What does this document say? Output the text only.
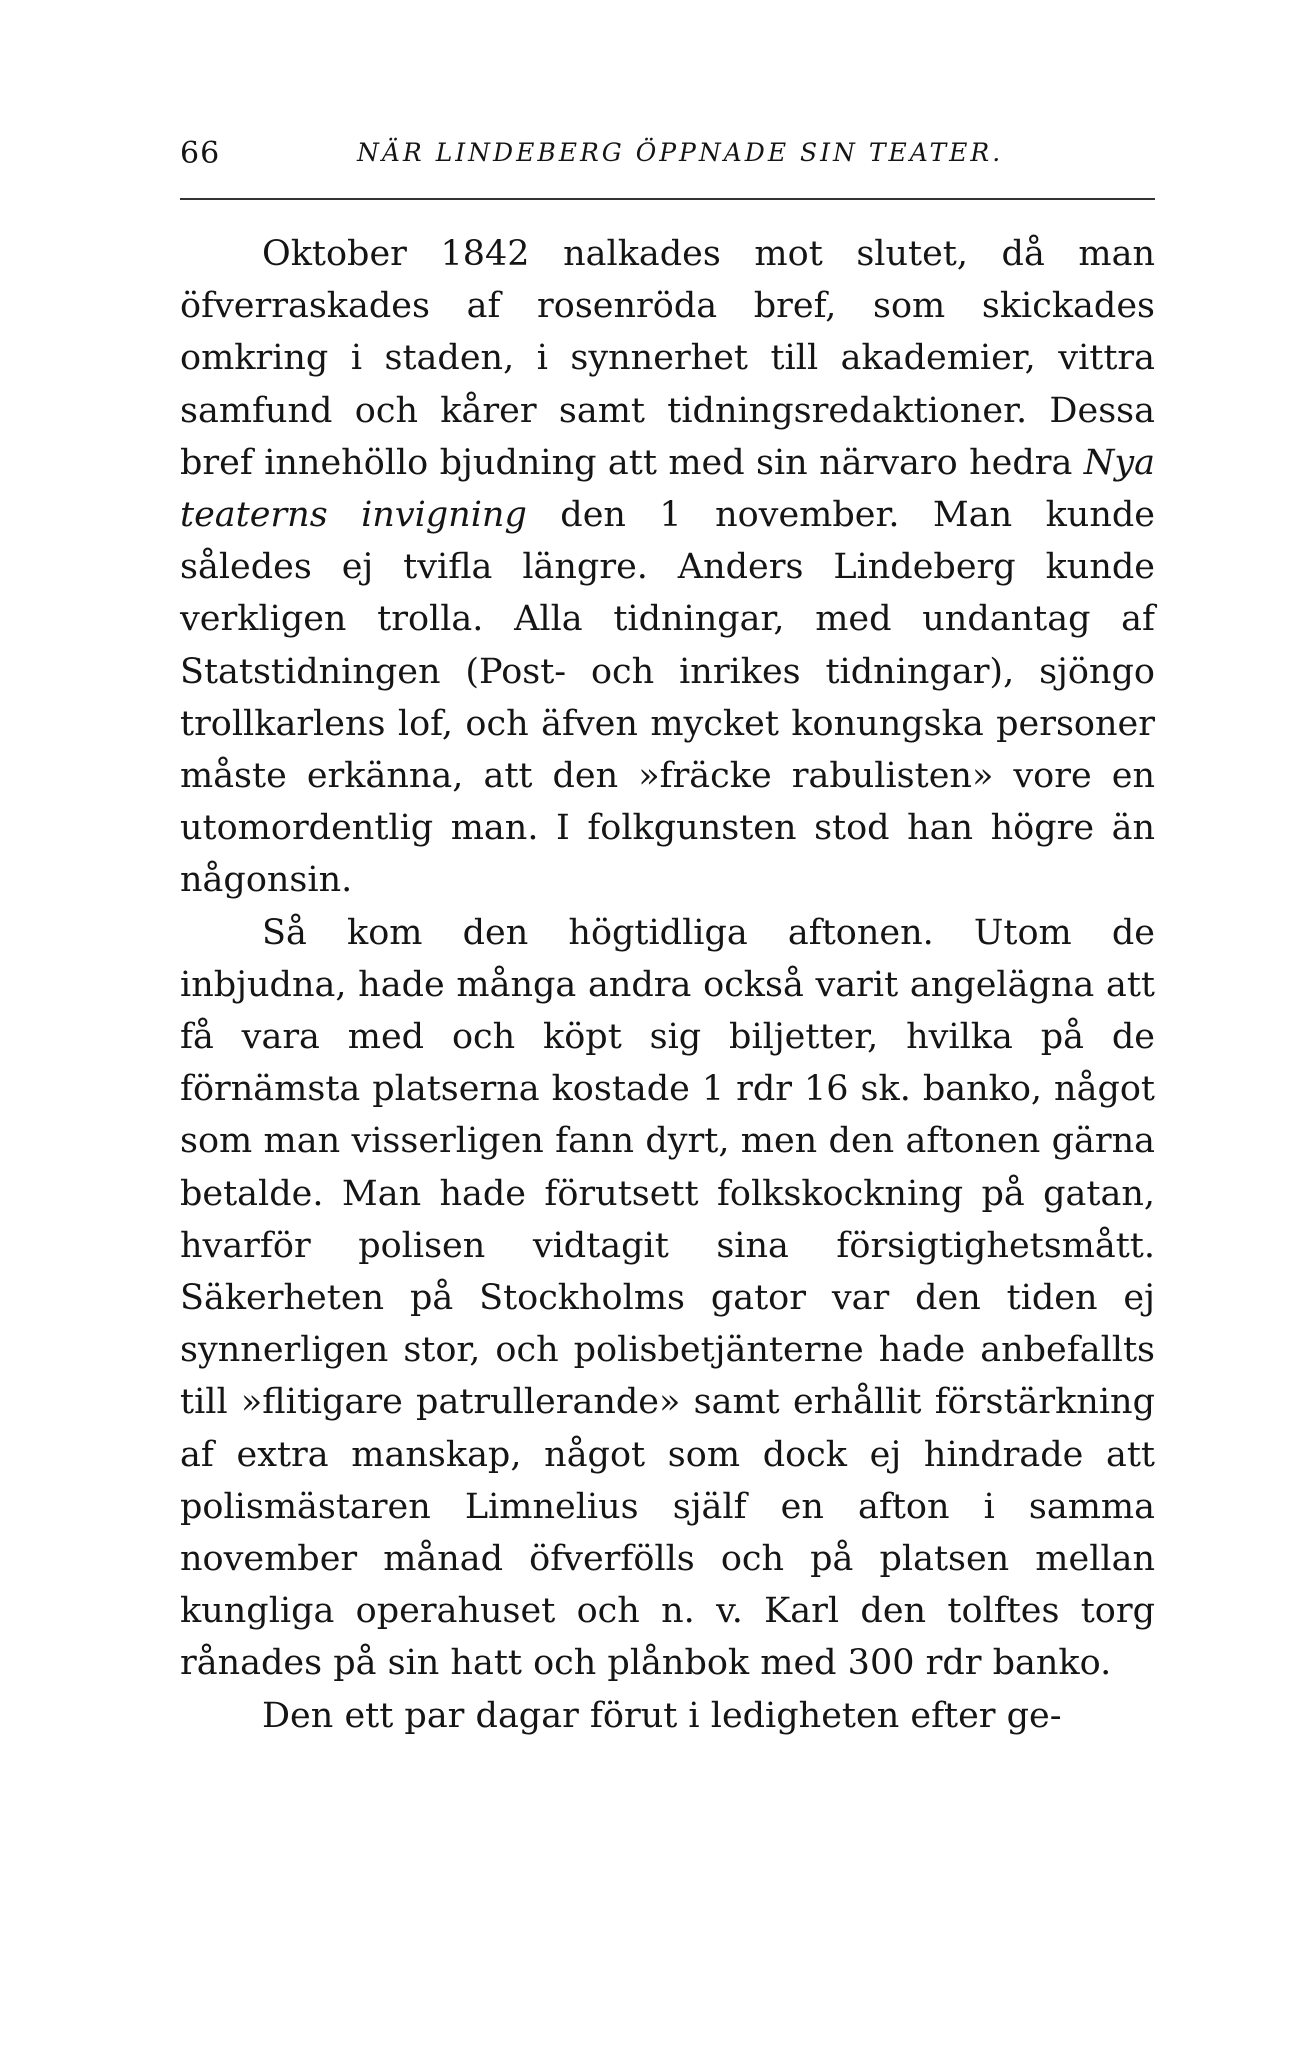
66	NÄR LINDEBERG ÖPPNADE SIN TEATER.

Oktober 1842 nalkades mot slutet, då man öfverraskades af rosenröda bref, som skickades omkring i staden, i synnerhet till akademier, vittra samfund och kårer samt tidningsredaktioner. Dessa bref innehöllo bjudning att med sin närvaro hedra Nya teaterns invigning den 1 november. Man kunde således ej tvifla längre. Anders Lindeberg kunde verkligen trolla. Alla tidningar, med undantag af Statstidningen (Post- och inrikes tidningar), sjöngo trollkarlens lof, och äfven mycket konungska personer måste erkänna, att den »fräcke rabulisten» vore en utomordentlig man. I folkgunsten stod han högre än någonsin.

Så kom den högtidliga aftonen. Utom de inbjudna, hade många andra också varit angelägna att få vara med och köpt sig biljetter, hvilka på de förnämsta platserna kostade 1 rdr 16 sk. banko, något som man visserligen fann dyrt, men den aftonen gärna betalde. Man hade förutsett folkskockning på gatan, hvarför polisen vidtagit sina försigtighetsmått. Säkerheten på Stockholms gator var den tiden ej synnerligen stor, och polisbetjänterne hade anbefallts till »flitigare patrullerande» samt erhållit förstärkning af extra manskap, något som dock ej hindrade att polismästaren Limnelius själf en afton i samma november månad öfverfölls och på platsen mellan kungliga operahuset och n. v. Karl den tolftes torg rånades på sin hatt och plånbok med 300 rdr banko.

Den ett par dagar förut i ledigheten efter ge-
